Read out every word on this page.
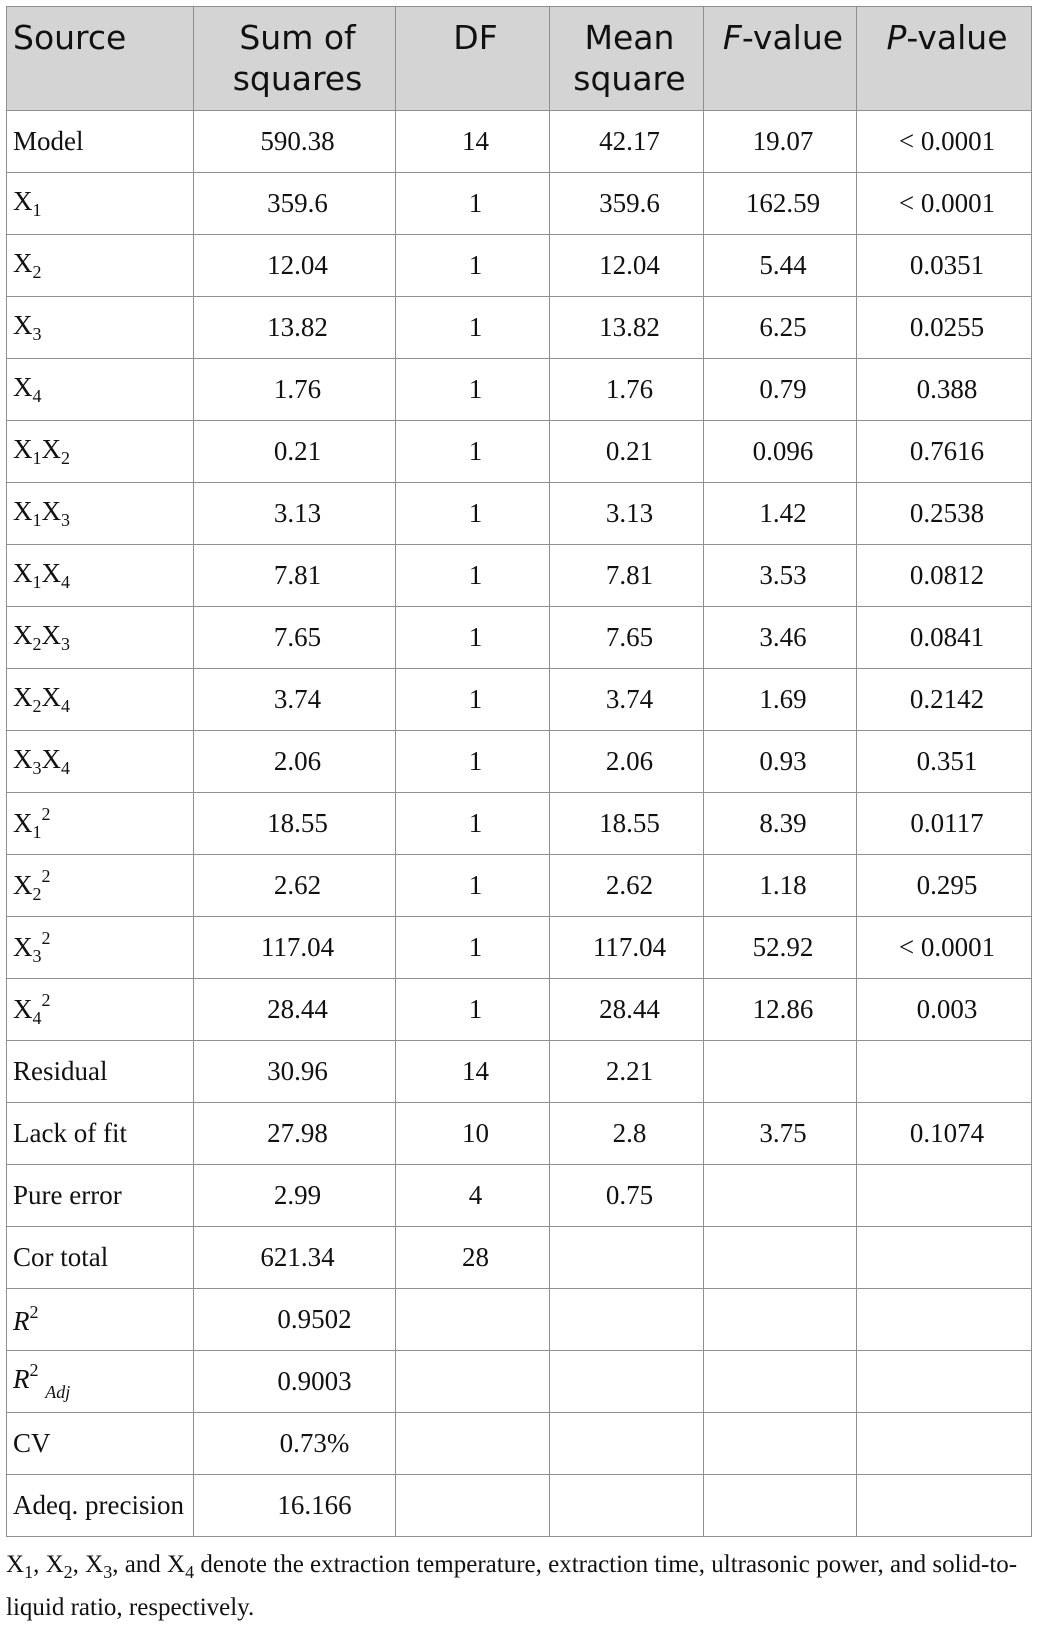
Source	Sum of squares	DF	Mean square	F-value	P-value
Model	590.38	14	42.17	19.07	< 0.0001
$X_1$	359.6	1	359.6	162.59	< 0.0001
$X_2$	12.04	1	12.04	5.44	0.0351
$X_3$	13.82	1	13.82	6.25	0.0255
$X_4$	1.76	1	1.76	0.79	0.388
$X_1X_2$	0.21	1	0.21	0.096	0.7616
$X_1X_3$	3.13	1	3.13	1.42	0.2538
$X_1X_4$	7.81	1	7.81	3.53	0.0812
$X_2X_3$	7.65	1	7.65	3.46	0.0841
$X_2X_4$	3.74	1	3.74	1.69	0.2142
$X_3X_4$	2.06	1	2.06	0.93	0.351
$X_1^2$	18.55	1	18.55	8.39	0.0117
$X_2^2$	2.62	1	2.62	1.18	0.295
$X_3^2$	117.04	1	117.04	52.92	< 0.0001
$X_4^2$	28.44	1	28.44	12.86	0.003
Residual	30.96	14	2.21		
Lack of fit	27.98	10	2.8	3.75	0.1074
Pure error	2.99	4	0.75		
Cor total	621.34	28			
$R^2$	0.9502				
$R^2$ $_{Adj}$	0.9003				
CV	0.73%				
Adeq. precision	16.166				
$X_1$, $X_2$, $X_3$, and $X_4$ denote the extraction temperature, extraction time, ultrasonic power, and solid-to-liquid ratio, respectively.
